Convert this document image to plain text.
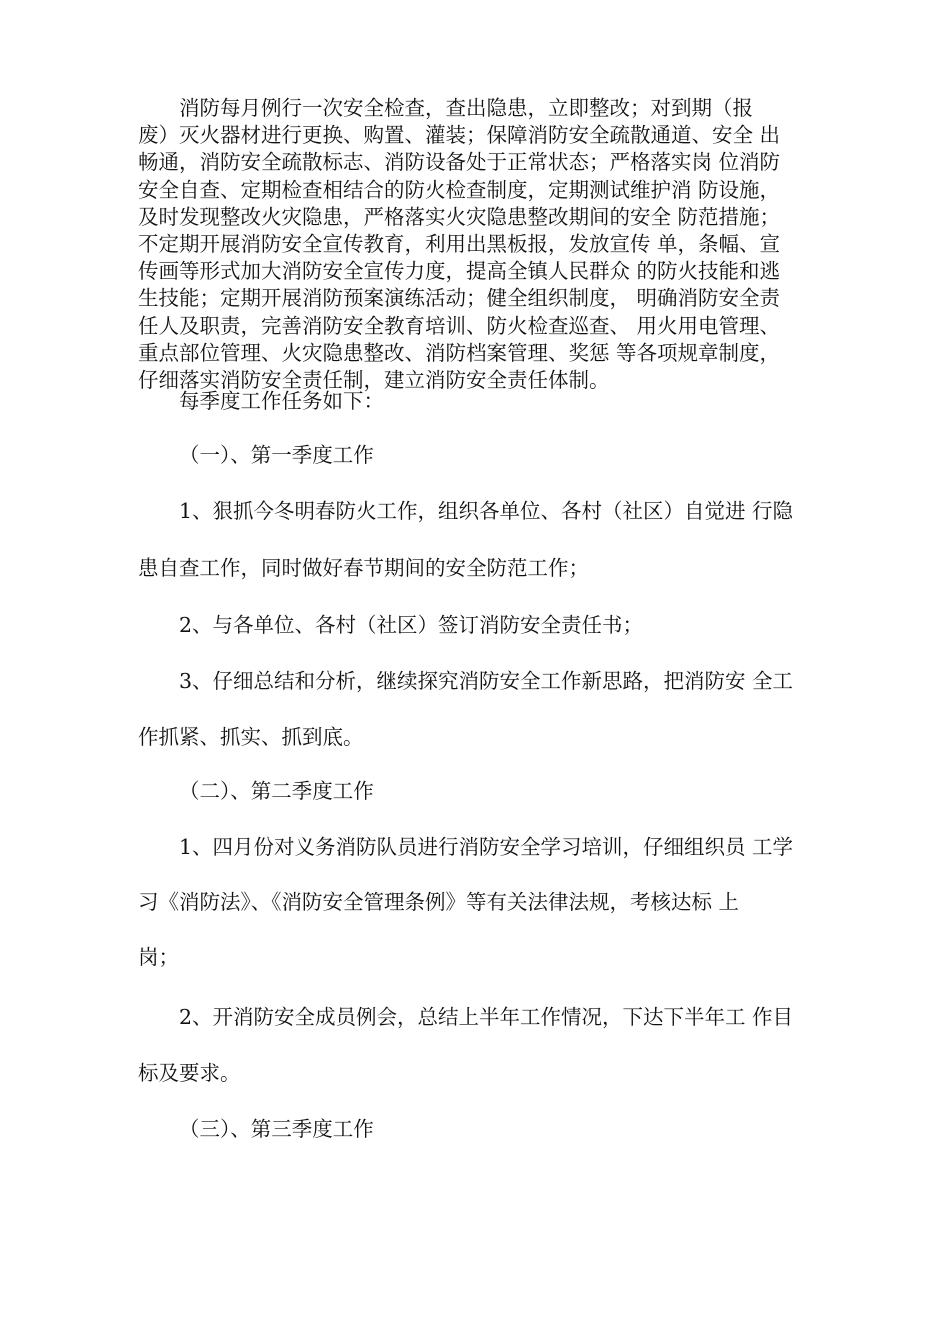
消防每月例行一次安全检查，查出隐患，立即整改；对到期（报
废）灭火器材进行更换、购置、灌装；保障消防安全疏散通道、安全 出
畅通，消防安全疏散标志、消防设备处于正常状态；严格落实岗 位消防
安全自查、定期检查相结合的防火检查制度，定期测试维护消 防设施，
及时发现整改火灾隐患，严格落实火灾隐患整改期间的安全 防范措施；
不定期开展消防安全宣传教育，利用出黑板报，发放宣传 单，条幅、宣
传画等形式加大消防安全宣传力度，提高全镇人民群众 的防火技能和逃
生技能；定期开展消防预案演练活动；健全组织制度， 明确消防安全责
任人及职责，完善消防安全教育培训、防火检查巡查、 用火用电管理、
重点部位管理、火灾隐患整改、消防档案管理、奖惩 等各项规章制度，
仔细落实消防安全责任制，建立消防安全责任体制。

每季度工作任务如下：

（一）、第一季度工作

1、狠抓今冬明春防火工作，组织各单位、各村（社区）自觉进 行隐

患自查工作，同时做好春节期间的安全防范工作；

2、与各单位、各村（社区）签订消防安全责任书；

3、仔细总结和分析，继续探究消防安全工作新思路，把消防安 全工

作抓紧、抓实、抓到底。

（二）、第二季度工作

1、四月份对义务消防队员进行消防安全学习培训，仔细组织员 工学

习《消防法》、《消防安全管理条例》等有关法律法规，考核达标 上

岗；

2、开消防安全成员例会，总结上半年工作情况，下达下半年工 作目

标及要求。

（三）、第三季度工作
